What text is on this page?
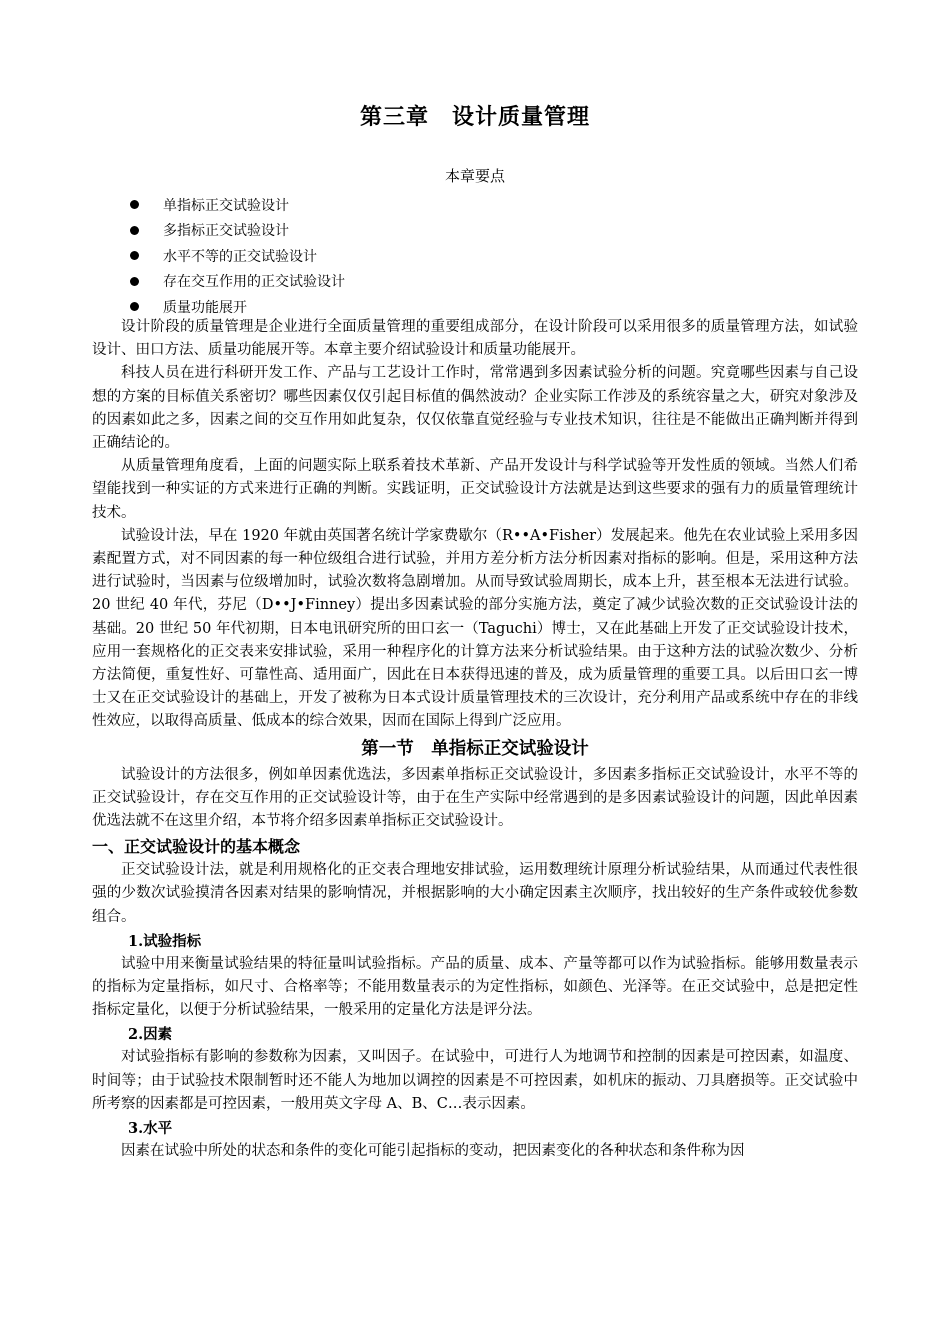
第三章　设计质量管理
本章要点
单指标正交试验设计
多指标正交试验设计
水平不等的正交试验设计
存在交互作用的正交试验设计
质量功能展开

设计阶段的质量管理是企业进行全面质量管理的重要组成部分，在设计阶段可以采用很多的质量管理方法，如试验设计、田口方法、质量功能展开等。本章主要介绍试验设计和质量功能展开。

科技人员在进行科研开发工作、产品与工艺设计工作时，常常遇到多因素试验分析的问题。究竟哪些因素与自己设想的方案的目标值关系密切？哪些因素仅仅引起目标值的偶然波动？企业实际工作涉及的系统容量之大，研究对象涉及的因素如此之多，因素之间的交互作用如此复杂，仅仅依靠直觉经验与专业技术知识，往往是不能做出正确判断并得到正确结论的。

从质量管理角度看，上面的问题实际上联系着技术革新、产品开发设计与科学试验等开发性质的领域。当然人们希望能找到一种实证的方式来进行正确的判断。实践证明，正交试验设计方法就是达到这些要求的强有力的质量管理统计技术。

试验设计法，早在 1920 年就由英国著名统计学家费歇尔（R••A•Fisher）发展起来。他先在农业试验上采用多因素配置方式，对不同因素的每一种位级组合进行试验，并用方差分析方法分析因素对指标的影响。但是，采用这种方法进行试验时，当因素与位级增加时，试验次数将急剧增加。从而导致试验周期长，成本上升，甚至根本无法进行试验。20 世纪 40 年代，芬尼（D••J•Finney）提出多因素试验的部分实施方法，奠定了减少试验次数的正交试验设计法的基础。20 世纪 50 年代初期，日本电讯研究所的田口玄一（Taguchi）博士，又在此基础上开发了正交试验设计技术，应用一套规格化的正交表来安排试验，采用一种程序化的计算方法来分析试验结果。由于这种方法的试验次数少、分析方法简便，重复性好、可靠性高、适用面广，因此在日本获得迅速的普及，成为质量管理的重要工具。以后田口玄一博士又在正交试验设计的基础上，开发了被称为日本式设计质量管理技术的三次设计，充分利用产品或系统中存在的非线性效应，以取得高质量、低成本的综合效果，因而在国际上得到广泛应用。

第一节　单指标正交试验设计

试验设计的方法很多，例如单因素优选法，多因素单指标正交试验设计，多因素多指标正交试验设计，水平不等的正交试验设计，存在交互作用的正交试验设计等，由于在生产实际中经常遇到的是多因素试验设计的问题，因此单因素优选法就不在这里介绍，本节将介绍多因素单指标正交试验设计。

一、正交试验设计的基本概念

正交试验设计法，就是利用规格化的正交表合理地安排试验，运用数理统计原理分析试验结果，从而通过代表性很强的少数次试验摸清各因素对结果的影响情况，并根据影响的大小确定因素主次顺序，找出较好的生产条件或较优参数组合。

1.试验指标

试验中用来衡量试验结果的特征量叫试验指标。产品的质量、成本、产量等都可以作为试验指标。能够用数量表示的指标为定量指标，如尺寸、合格率等；不能用数量表示的为定性指标，如颜色、光泽等。在正交试验中，总是把定性指标定量化，以便于分析试验结果，一般采用的定量化方法是评分法。

2.因素

对试验指标有影响的参数称为因素，又叫因子。在试验中，可进行人为地调节和控制的因素是可控因素，如温度、时间等；由于试验技术限制暂时还不能人为地加以调控的因素是不可控因素，如机床的振动、刀具磨损等。正交试验中所考察的因素都是可控因素，一般用英文字母 A、B、C…表示因素。

3.水平

因素在试验中所处的状态和条件的变化可能引起指标的变动，把因素变化的各种状态和条件称为因
